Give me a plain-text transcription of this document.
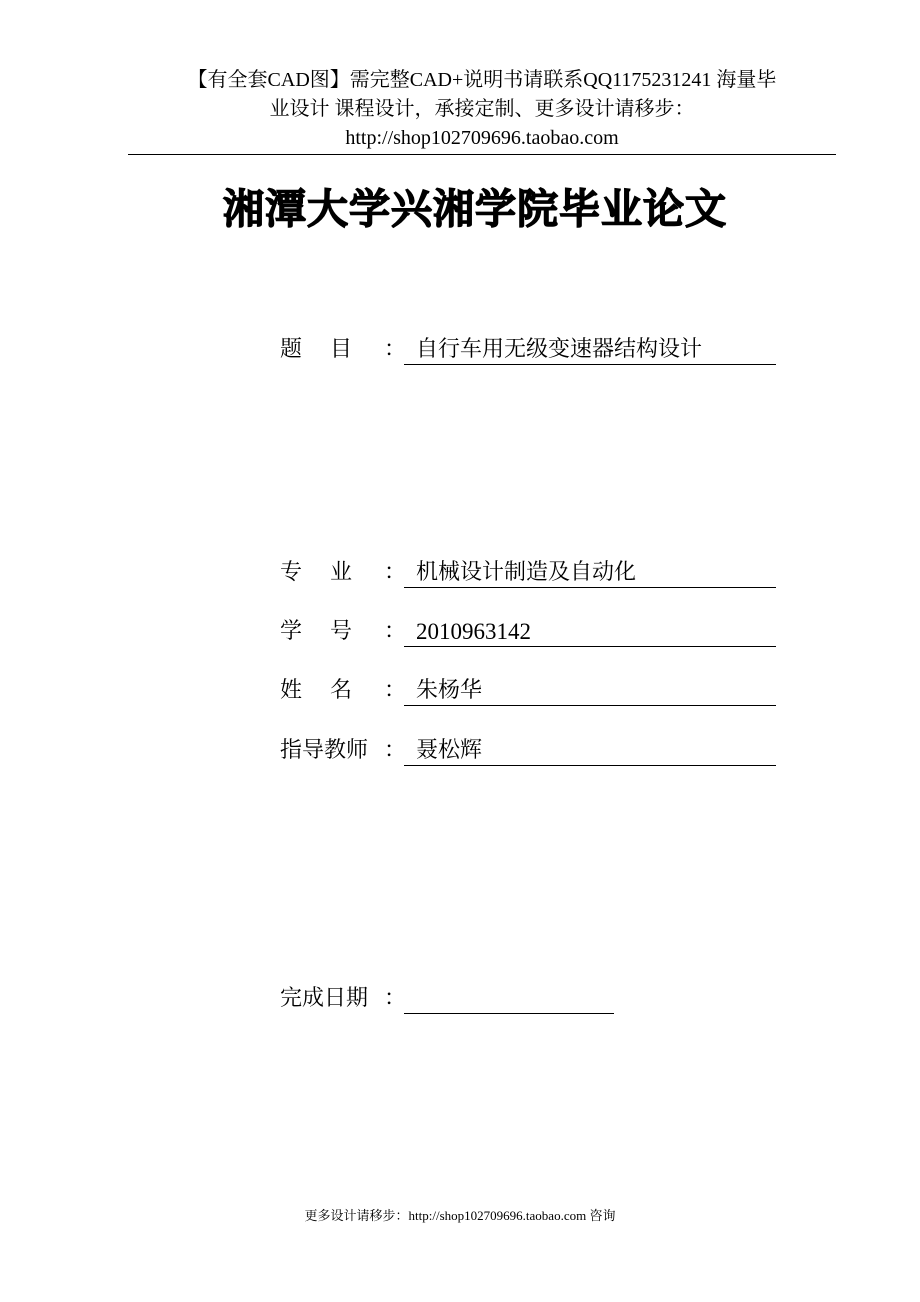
【有全套CAD图】需完整CAD+说明书请联系QQ1175231241 海量毕
业设计 课程设计，承接定制、更多设计请移步：
http://shop102709696.taobao.com
湘潭大学兴湘学院毕业论文
题 目 ： 自行车用无级变速器结构设计
专 业 ： 机械设计制造及自动化
学 号 ： 2010963142
姓 名 ： 朱杨华
指导教师 ： 聂松辉
完成日期 ：
更多设计请移步：http://shop102709696.taobao.com 咨询
